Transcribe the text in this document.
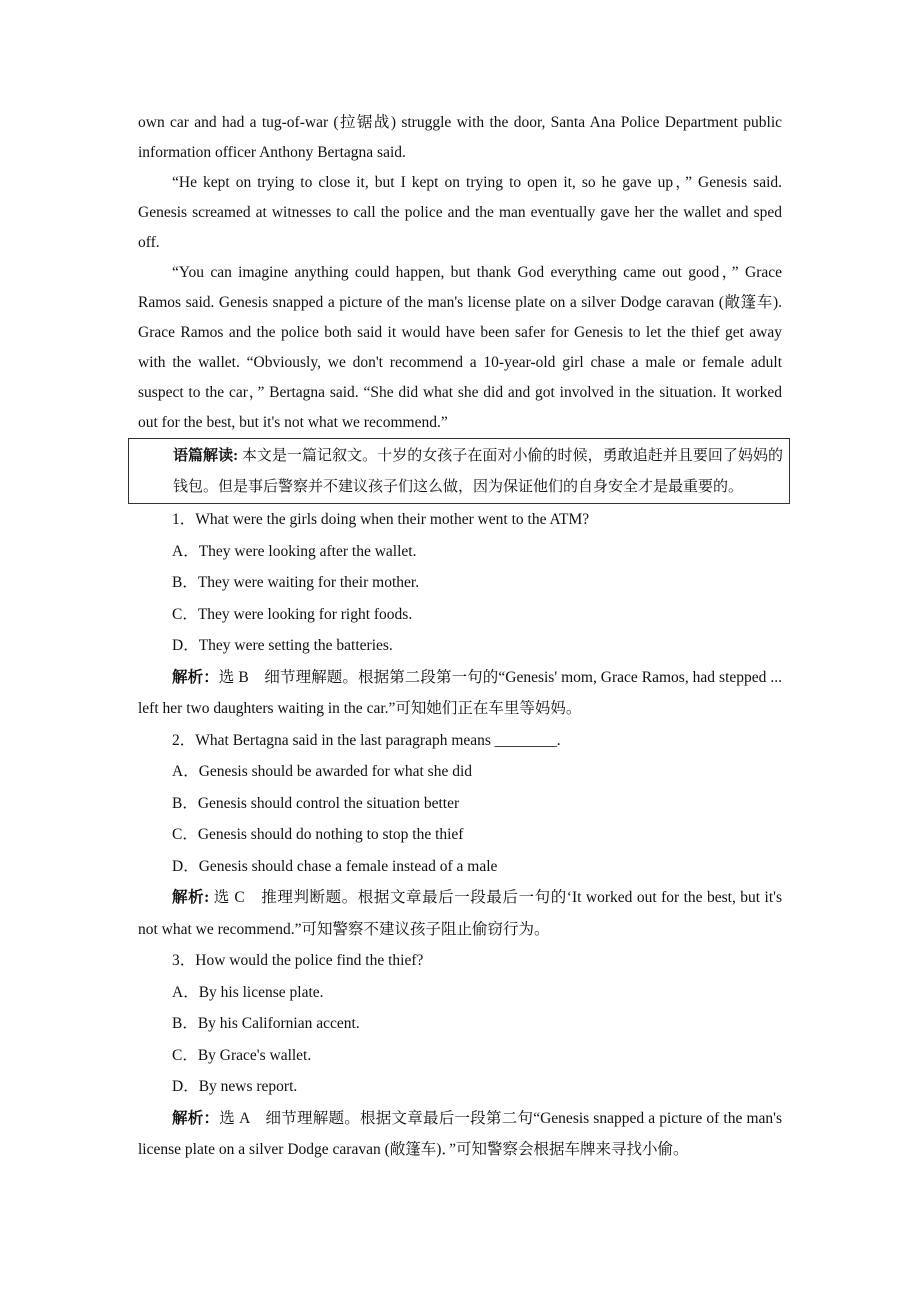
own car and had a tug-of-war (拉锯战) struggle with the door, Santa Ana Police Department public information officer Anthony Bertagna said.
“He kept on trying to close it, but I kept on trying to open it, so he gave up，” Genesis said. Genesis screamed at witnesses to call the police and the man eventually gave her the wallet and sped off.
“You can imagine anything could happen, but thank God everything came out good，” Grace Ramos said. Genesis snapped a picture of the man's license plate on a silver Dodge caravan (敞篷车). Grace Ramos and the police both said it would have been safer for Genesis to let the thief get away with the wallet. “Obviously, we don't recommend a 10-year-old girl chase a male or female adult suspect to the car，” Bertagna said. “She did what she did and got involved in the situation. It worked out for the best, but it's not what we recommend.”
语篇解读: 本文是一篇记叙文。十岁的女孩子在面对小偷的时候，勇敢追赶并且要回了妈妈的钱包。但是事后警察并不建议孩子们这么做，因为保证他们的自身安全才是最重要的。
1．What were the girls doing when their mother went to the ATM?
A．They were looking after the wallet.
B．They were waiting for their mother.
C．They were looking for right foods.
D．They were setting the batteries.
解析：选 B　细节理解题。根据第二段第一句的“Genesis' mom, Grace Ramos, had stepped ... left her two daughters waiting in the car.”可知她们正在车里等妈妈。
2．What Bertagna said in the last paragraph means ________.
A．Genesis should be awarded for what she did
B．Genesis should control the situation better
C．Genesis should do nothing to stop the thief
D．Genesis should chase a female instead of a male
解析: 选 C　推理判断题。根据文章最后一段最后一句的‘It worked out for the best, but it's not what we recommend.”可知警察不建议孩子阻止偷窃行为。
3．How would the police find the thief?
A．By his license plate.
B．By his Californian accent.
C．By Grace's wallet.
D．By news report.
解析：选 A　细节理解题。根据文章最后一段第二句“Genesis snapped a picture of the man's license plate on a silver Dodge caravan (敞篷车)．”可知警察会根据车牌来寻找小偷。
